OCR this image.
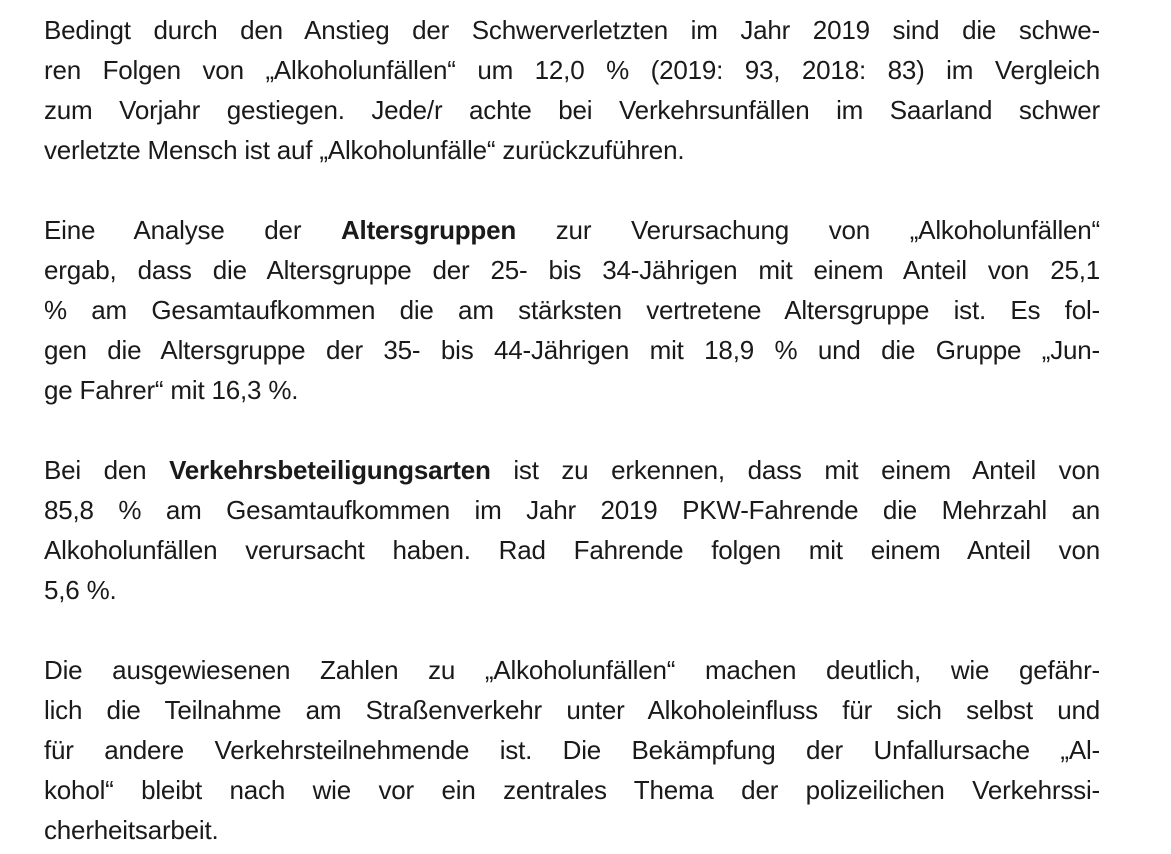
Bedingt durch den Anstieg der Schwerverletzten im Jahr 2019 sind die schwe-
ren Folgen von „Alkoholunfällen“ um 12,0 % (2019: 93, 2018: 83) im Vergleich
zum Vorjahr gestiegen. Jede/r achte bei Verkehrsunfällen im Saarland schwer
verletzte Mensch ist auf „Alkoholunfälle“ zurückzuführen.
Eine Analyse der Altersgruppen zur Verursachung von „Alkoholunfällen“
ergab, dass die Altersgruppe der 25- bis 34-Jährigen mit einem Anteil von 25,1
% am Gesamtaufkommen die am stärksten vertretene Altersgruppe ist. Es fol-
gen die Altersgruppe der 35- bis 44-Jährigen mit 18,9 % und die Gruppe „Jun-
ge Fahrer“ mit 16,3 %.
Bei den Verkehrsbeteiligungsarten ist zu erkennen, dass mit einem Anteil von
85,8 % am Gesamtaufkommen im Jahr 2019 PKW-Fahrende die Mehrzahl an
Alkoholunfällen verursacht haben. Rad Fahrende folgen mit einem Anteil von
5,6 %.
Die ausgewiesenen Zahlen zu „Alkoholunfällen“ machen deutlich, wie gefähr-
lich die Teilnahme am Straßenverkehr unter Alkoholeinfluss für sich selbst und
für andere Verkehrsteilnehmende ist. Die Bekämpfung der Unfallursache „Al-
kohol“ bleibt nach wie vor ein zentrales Thema der polizeilichen Verkehrssi-
cherheitsarbeit.
